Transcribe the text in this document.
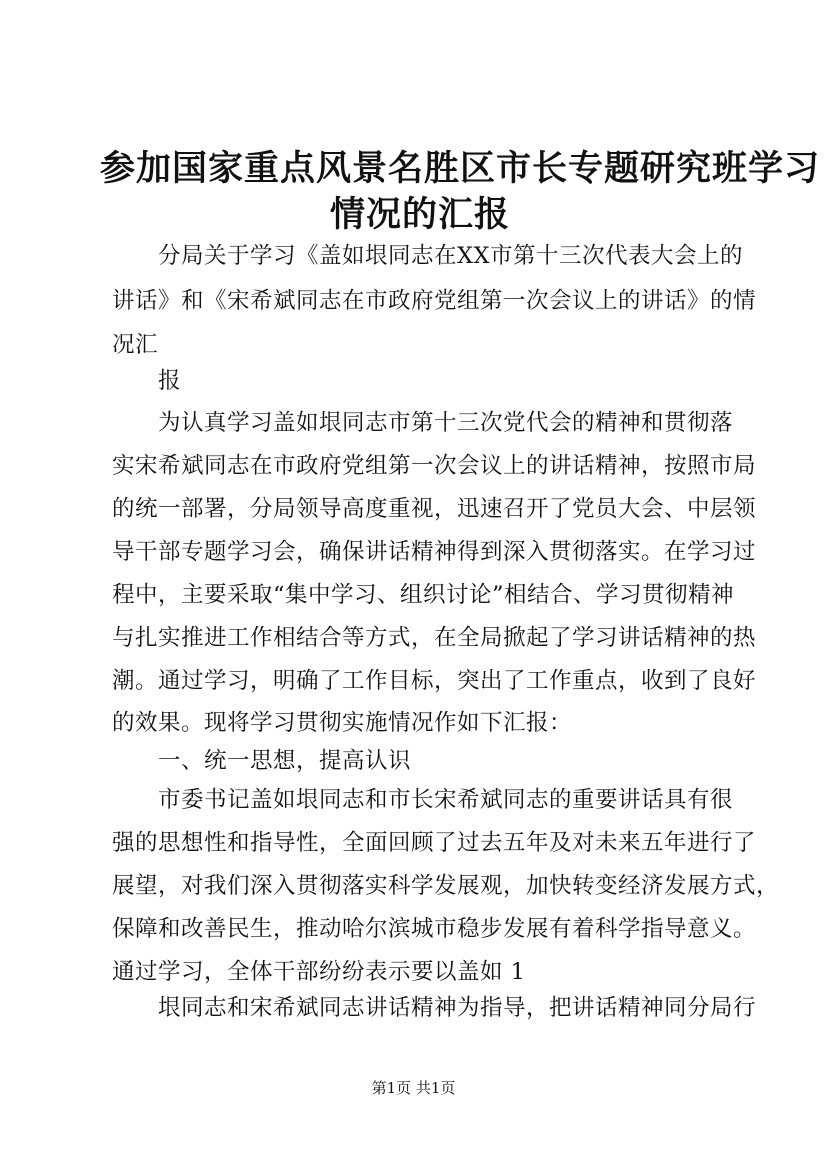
参加国家重点风景名胜区市长专题研究班学习
情况的汇报
分局关于学习《盖如垠同志在XX市第十三次代表大会上的
讲话》和《宋希斌同志在市政府党组第一次会议上的讲话》的情
况汇
报
为认真学习盖如垠同志市第十三次党代会的精神和贯彻落
实宋希斌同志在市政府党组第一次会议上的讲话精神，按照市局
的统一部署，分局领导高度重视，迅速召开了党员大会、中层领
导干部专题学习会，确保讲话精神得到深入贯彻落实。在学习过
程中，主要采取“集中学习、组织讨论”相结合、学习贯彻精神
与扎实推进工作相结合等方式，在全局掀起了学习讲话精神的热
潮。通过学习，明确了工作目标，突出了工作重点，收到了良好
的效果。现将学习贯彻实施情况作如下汇报：
一、统一思想，提高认识
市委书记盖如垠同志和市长宋希斌同志的重要讲话具有很
强的思想性和指导性，全面回顾了过去五年及对未来五年进行了
展望，对我们深入贯彻落实科学发展观，加快转变经济发展方式，
保障和改善民生，推动哈尔滨城市稳步发展有着科学指导意义。
通过学习，全体干部纷纷表示要以盖如 1
垠同志和宋希斌同志讲话精神为指导，把讲话精神同分局行
第1页 共1页
